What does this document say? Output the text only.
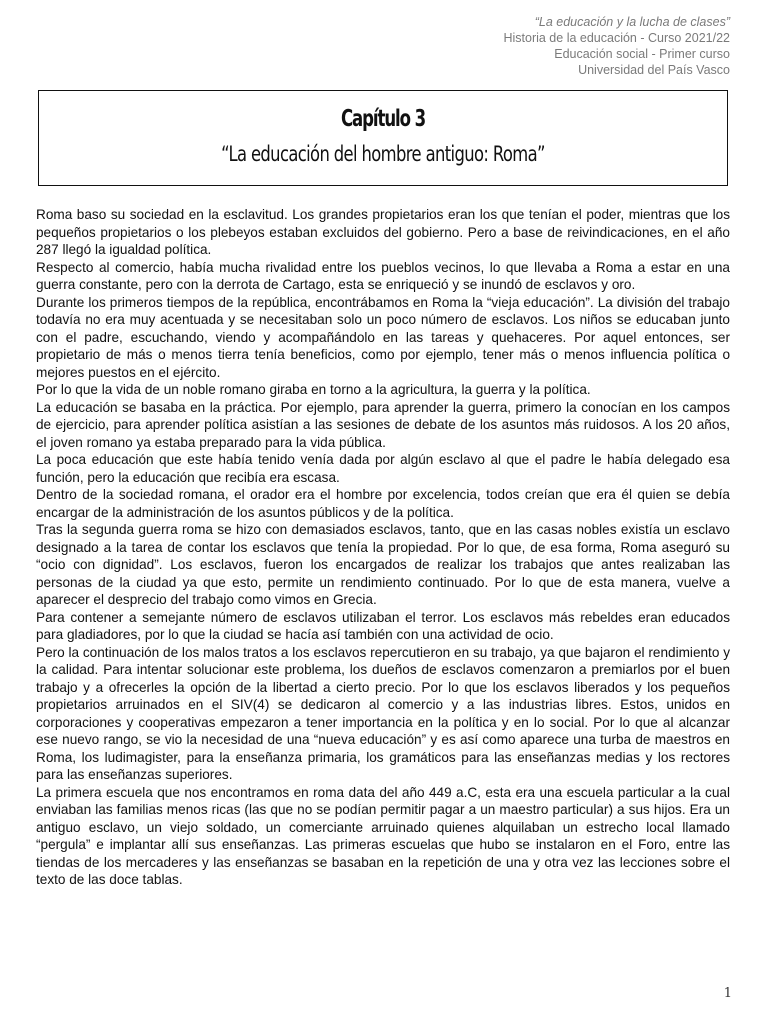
“La educación y la lucha de clases”
Historia de la educación - Curso 2021/22
Educación social - Primer curso
Universidad del País Vasco
Capítulo 3
“La educación del hombre antiguo: Roma”

Roma baso su sociedad en la esclavitud. Los grandes propietarios eran los que tenían el poder, mientras que los pequeños propietarios o los plebeyos estaban excluidos del gobierno. Pero a base de reivindicaciones, en el año 287 llegó la igualdad política.

Respecto al comercio, había mucha rivalidad entre los pueblos vecinos, lo que llevaba a Roma a estar en una guerra constante, pero con la derrota de Cartago, esta se enriqueció y se inundó de esclavos y oro.

Durante los primeros tiempos de la república, encontrábamos en Roma la “vieja educación”. La división del trabajo todavía no era muy acentuada y se necesitaban solo un poco número de esclavos. Los niños se educaban junto con el padre, escuchando, viendo y acompañándolo en las tareas y quehaceres. Por aquel entonces, ser propietario de más o menos tierra tenía beneficios, como por ejemplo, tener más o menos influencia política o mejores puestos en el ejército.

Por lo que la vida de un noble romano giraba en torno a la agricultura, la guerra y la política.

La educación se basaba en la práctica. Por ejemplo, para aprender la guerra, primero la conocían en los campos de ejercicio, para aprender política asistían a las sesiones de debate de los asuntos más ruidosos. A los 20 años, el joven romano ya estaba preparado para la vida pública.

La poca educación que este había tenido venía dada por algún esclavo al que el padre le había delegado esa función, pero la educación que recibía era escasa.

Dentro de la sociedad romana, el orador era el hombre por excelencia, todos creían que era él quien se debía encargar de la administración de los asuntos públicos y de la política.

Tras la segunda guerra roma se hizo con demasiados esclavos, tanto, que en las casas nobles existía un esclavo designado a la tarea de contar los esclavos que tenía la propiedad. Por lo que, de esa forma, Roma aseguró su “ocio con dignidad”. Los esclavos, fueron los encargados de realizar los trabajos que antes realizaban las personas de la ciudad ya que esto, permite un rendimiento continuado. Por lo que de esta manera, vuelve a aparecer el desprecio del trabajo como vimos en Grecia.

Para contener a semejante número de esclavos utilizaban el terror. Los esclavos más rebeldes eran educados para gladiadores, por lo que la ciudad se hacía así también con una actividad de ocio.

Pero la continuación de los malos tratos a los esclavos repercutieron en su trabajo, ya que bajaron el rendimiento y la calidad. Para intentar solucionar este problema, los dueños de esclavos comenzaron a premiarlos por el buen trabajo y a ofrecerles la opción de la libertad a cierto precio. Por lo que los esclavos liberados y los pequeños propietarios arruinados en el SIV(4) se dedicaron al comercio y a las industrias libres. Estos, unidos en corporaciones y cooperativas empezaron a tener importancia en la política y en lo social. Por lo que al alcanzar ese nuevo rango, se vio la necesidad de una “nueva educación” y es así como aparece una turba de maestros en Roma, los ludimagister, para la enseñanza primaria, los gramáticos para las enseñanzas medias y los rectores para las enseñanzas superiores.

La primera escuela que nos encontramos en roma data del año 449 a.C, esta era una escuela particular a la cual enviaban las familias menos ricas (las que no se podían permitir pagar a un maestro particular) a sus hijos. Era un antiguo esclavo, un viejo soldado, un comerciante arruinado quienes alquilaban un estrecho local llamado “pergula” e implantar allí sus enseñanzas. Las primeras escuelas que hubo se instalaron en el Foro, entre las tiendas de los mercaderes y las enseñanzas se basaban en la repetición de una y otra vez las lecciones sobre el texto de las doce tablas.

1
